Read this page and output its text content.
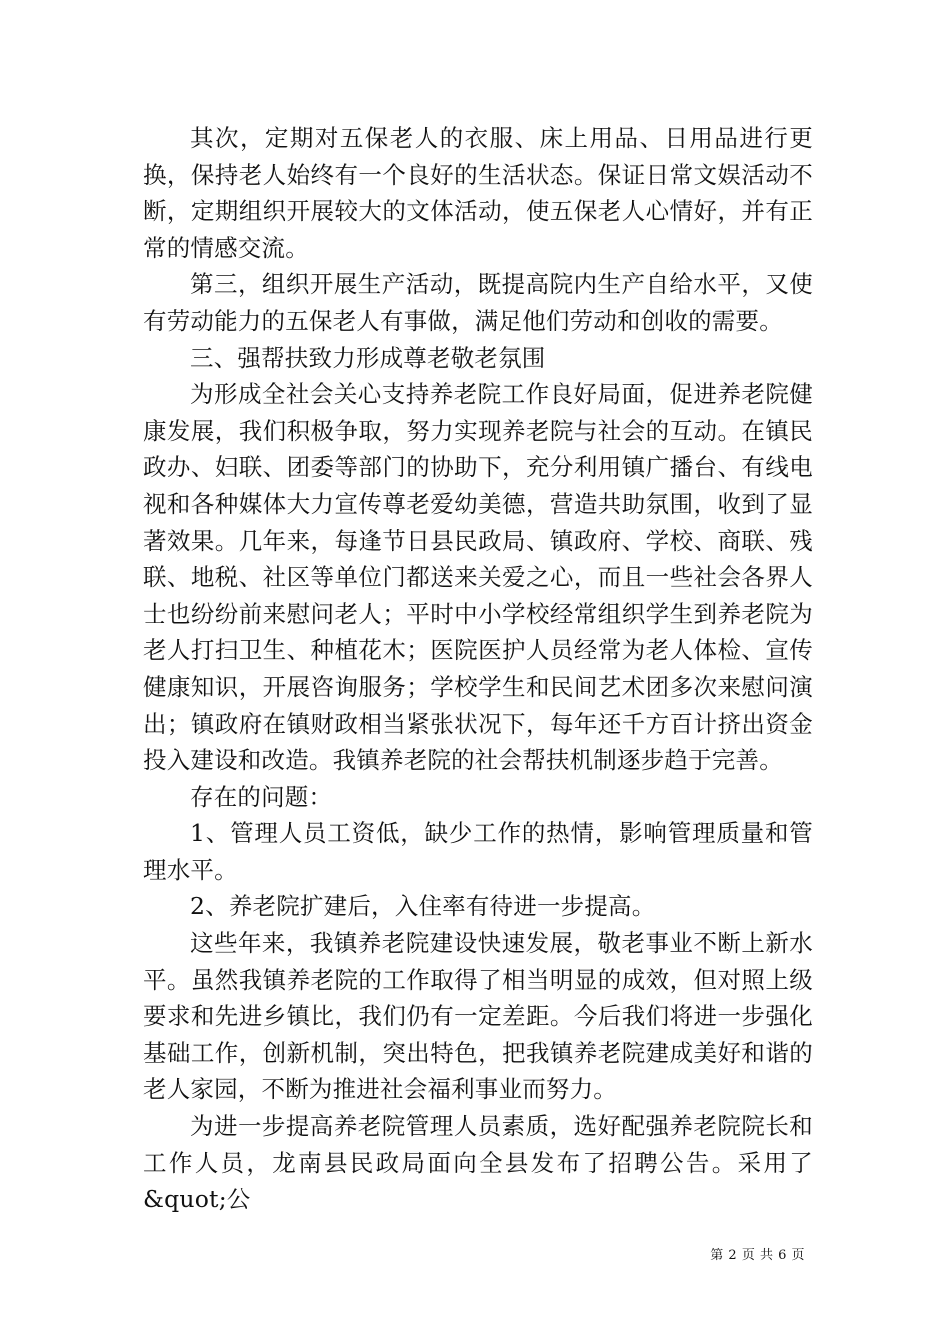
其次，定期对五保老人的衣服、床上用品、日用品进行更换，保持老人始终有一个良好的生活状态。保证日常文娱活动不断，定期组织开展较大的文体活动，使五保老人心情好，并有正常的情感交流。

第三，组织开展生产活动，既提高院内生产自给水平，又使有劳动能力的五保老人有事做，满足他们劳动和创收的需要。

三、强帮扶致力形成尊老敬老氛围

为形成全社会关心支持养老院工作良好局面，促进养老院健康发展，我们积极争取，努力实现养老院与社会的互动。在镇民政办、妇联、团委等部门的协助下，充分利用镇广播台、有线电视和各种媒体大力宣传尊老爱幼美德，营造共助氛围，收到了显著效果。几年来，每逢节日县民政局、镇政府、学校、商联、残联、地税、社区等单位门都送来关爱之心，而且一些社会各界人士也纷纷前来慰问老人；平时中小学校经常组织学生到养老院为老人打扫卫生、种植花木；医院医护人员经常为老人体检、宣传健康知识，开展咨询服务；学校学生和民间艺术团多次来慰问演出；镇政府在镇财政相当紧张状况下，每年还千方百计挤出资金投入建设和改造。我镇养老院的社会帮扶机制逐步趋于完善。

存在的问题：

1、管理人员工资低，缺少工作的热情，影响管理质量和管理水平。

2、养老院扩建后，入住率有待进一步提高。

这些年来，我镇养老院建设快速发展，敬老事业不断上新水平。虽然我镇养老院的工作取得了相当明显的成效，但对照上级要求和先进乡镇比，我们仍有一定差距。今后我们将进一步强化基础工作，创新机制，突出特色，把我镇养老院建成美好和谐的老人家园，不断为推进社会福利事业而努力。

为进一步提高养老院管理人员素质，选好配强养老院院长和工作人员，龙南县民政局面向全县发布了招聘公告。采用了&quot;公

第 2 页 共 6 页
